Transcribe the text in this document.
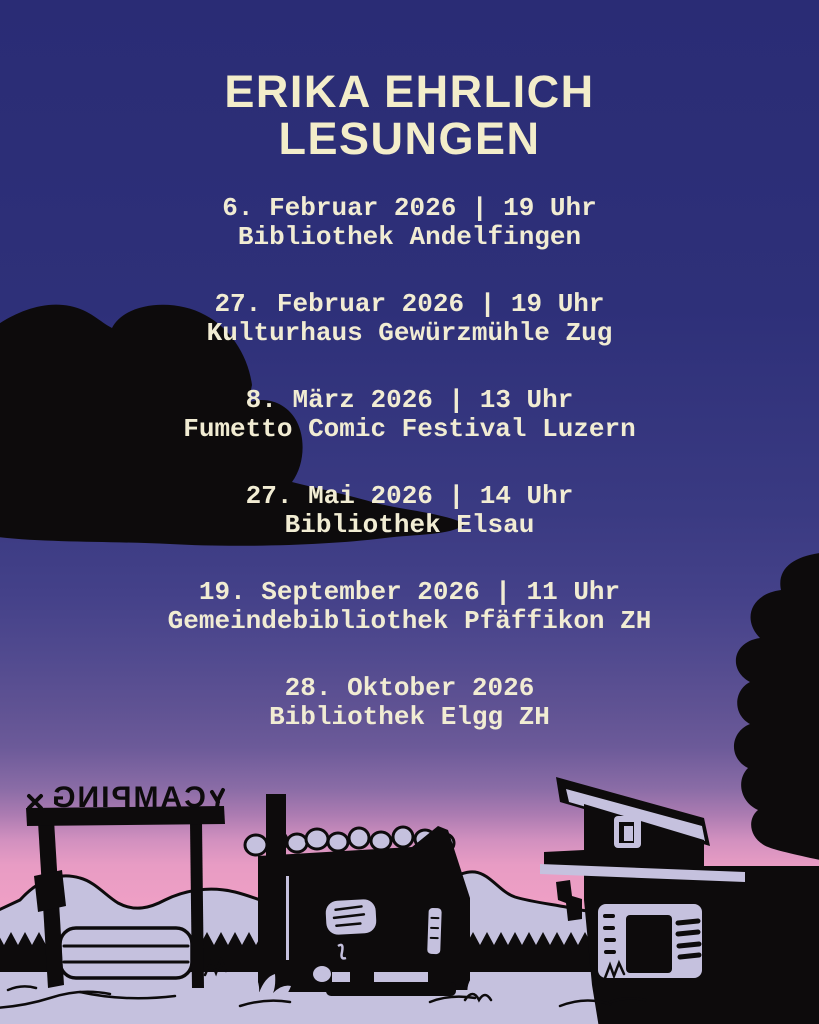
CAMPING
ERIKA EHRLICH
LESUNGEN
6. Februar 2026 | 19 Uhr
Bibliothek Andelfingen
27. Februar 2026 | 19 Uhr
Kulturhaus Gewürzmühle Zug
8. März 2026 | 13 Uhr
Fumetto Comic Festival Luzern
27. Mai 2026 | 14 Uhr
Bibliothek Elsau
19. September 2026 | 11 Uhr
Gemeindebibliothek Pfäffikon ZH
28. Oktober 2026
Bibliothek Elgg ZH
